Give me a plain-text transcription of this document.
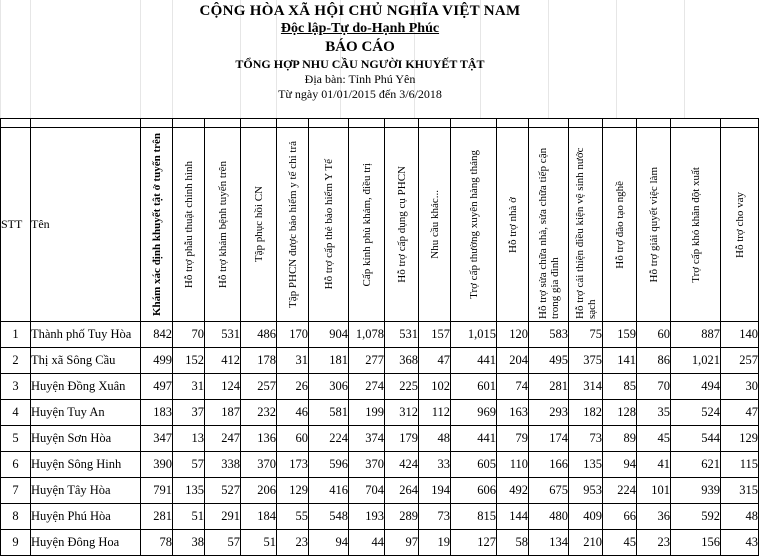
CỘNG HÒA XÃ HỘI CHỦ NGHĨA VIỆT NAM
Độc lập-Tự do-Hạnh Phúc
BÁO CÁO
TỔNG HỢP NHU CẦU NGƯỜI KHUYẾT TẬT
Địa bàn: Tỉnh Phú Yên
Từ ngày 01/01/2015 đến 3/6/2018

STT	Tên	Khám xác định khuyết tật ở tuyến trên	Hỗ trợ phẫu thuật chỉnh hình	Hỗ trợ khám bệnh tuyến trên	Tập phục hồi CN	Tập PHCN được bảo hiểm y tế chi trả	Hỗ trợ cấp thẻ bảo hiểm Y Tế	Cấp kính phù khám, điều trị	Hỗ trợ cấp dụng cụ PHCN	Nhu cầu khác...	Trợ cấp thường xuyên hàng tháng	Hỗ trợ nhà ở	Hỗ trợ sửa chữa nhà, sửa chữa tiếp cận trong gia đình	Hỗ trợ cải thiện điều kiện vệ sinh nước sạch	Hỗ trợ đào tạo nghề	Hỗ trợ giải quyết việc làm	Trợ cấp khó khăn đột xuất	Hỗ trợ cho vay

1	Thành phố Tuy Hòa	842	70	531	486	170	904	1,078	531	157	1,015	120	583	75	159	60	887	140
2	Thị xã Sông Cầu	499	152	412	178	31	181	277	368	47	441	204	495	375	141	86	1,021	257
3	Huyện Đồng Xuân	497	31	124	257	26	306	274	225	102	601	74	281	314	85	70	494	30
4	Huyện Tuy An	183	37	187	232	46	581	199	312	112	969	163	293	182	128	35	524	47
5	Huyện Sơn Hòa	347	13	247	136	60	224	374	179	48	441	79	174	73	89	45	544	129
6	Huyện Sông Hinh	390	57	338	370	173	596	370	424	33	605	110	166	135	94	41	621	115
7	Huyện Tây Hòa	791	135	527	206	129	416	704	264	194	606	492	675	953	224	101	939	315
8	Huyện Phú Hòa	281	51	291	184	55	548	193	289	73	815	144	480	409	66	36	592	48
9	Huyện Đông Hoa	78	38	57	51	23	94	44	97	19	127	58	134	210	45	23	156	43
